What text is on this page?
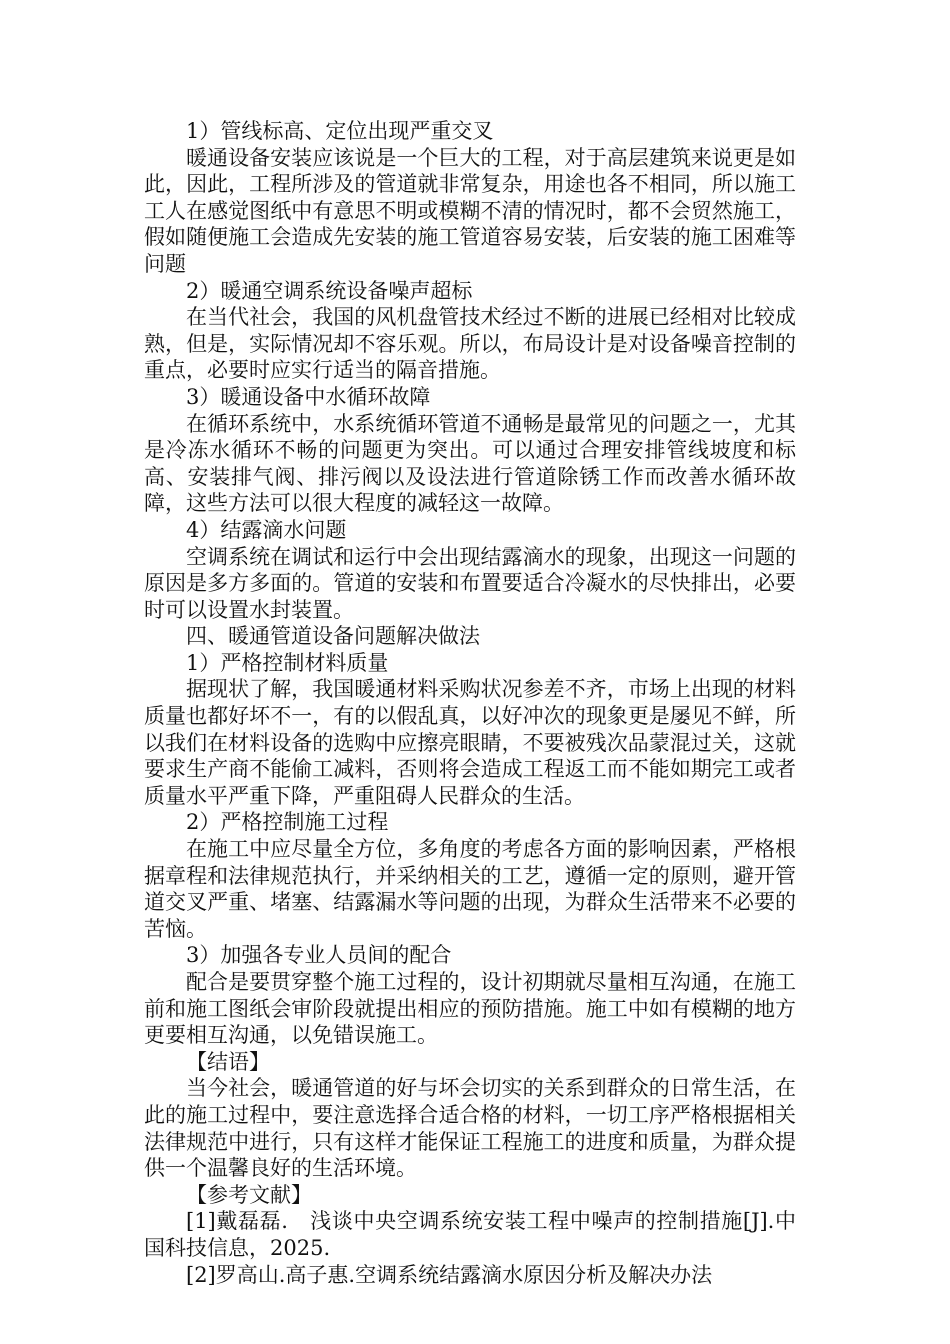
1）管线标高、定位出现严重交叉

暖通设备安装应该说是一个巨大的工程，对于高层建筑来说更是如此，因此，工程所涉及的管道就非常复杂，用途也各不相同，所以施工工人在感觉图纸中有意思不明或模糊不清的情况时，都不会贸然施工，假如随便施工会造成先安装的施工管道容易安装，后安装的施工困难等问题

2）暖通空调系统设备噪声超标

在当代社会，我国的风机盘管技术经过不断的进展已经相对比较成熟，但是，实际情况却不容乐观。所以，布局设计是对设备噪音控制的重点，必要时应实行适当的隔音措施。

3）暖通设备中水循环故障

在循环系统中，水系统循环管道不通畅是最常见的问题之一，尤其是冷冻水循环不畅的问题更为突出。可以通过合理安排管线坡度和标高、安装排气阀、排污阀以及设法进行管道除锈工作而改善水循环故障，这些方法可以很大程度的减轻这一故障。

4）结露滴水问题

空调系统在调试和运行中会出现结露滴水的现象，出现这一问题的原因是多方多面的。管道的安装和布置要适合冷凝水的尽快排出，必要时可以设置水封装置。

四、暖通管道设备问题解决做法

1）严格控制材料质量

据现状了解，我国暖通材料采购状况参差不齐，市场上出现的材料质量也都好坏不一，有的以假乱真，以好冲次的现象更是屡见不鲜，所以我们在材料设备的选购中应擦亮眼睛，不要被残次品蒙混过关，这就要求生产商不能偷工减料，否则将会造成工程返工而不能如期完工或者质量水平严重下降，严重阻碍人民群众的生活。

2）严格控制施工过程

在施工中应尽量全方位，多角度的考虑各方面的影响因素，严格根据章程和法律规范执行，并采纳相关的工艺，遵循一定的原则，避开管道交叉严重、堵塞、结露漏水等问题的出现，为群众生活带来不必要的苦恼。

3）加强各专业人员间的配合

配合是要贯穿整个施工过程的，设计初期就尽量相互沟通，在施工前和施工图纸会审阶段就提出相应的预防措施。施工中如有模糊的地方更要相互沟通，以免错误施工。

【结语】

当今社会，暖通管道的好与坏会切实的关系到群众的日常生活，在此的施工过程中，要注意选择合适合格的材料，一切工序严格根据相关法律规范中进行，只有这样才能保证工程施工的进度和质量，为群众提供一个温馨良好的生活环境。

【参考文献】

[1]戴磊磊.　浅谈中央空调系统安装工程中噪声的控制措施[J].中国科技信息，2025.

[2]罗高山.高子惠.空调系统结露滴水原因分析及解决办法
